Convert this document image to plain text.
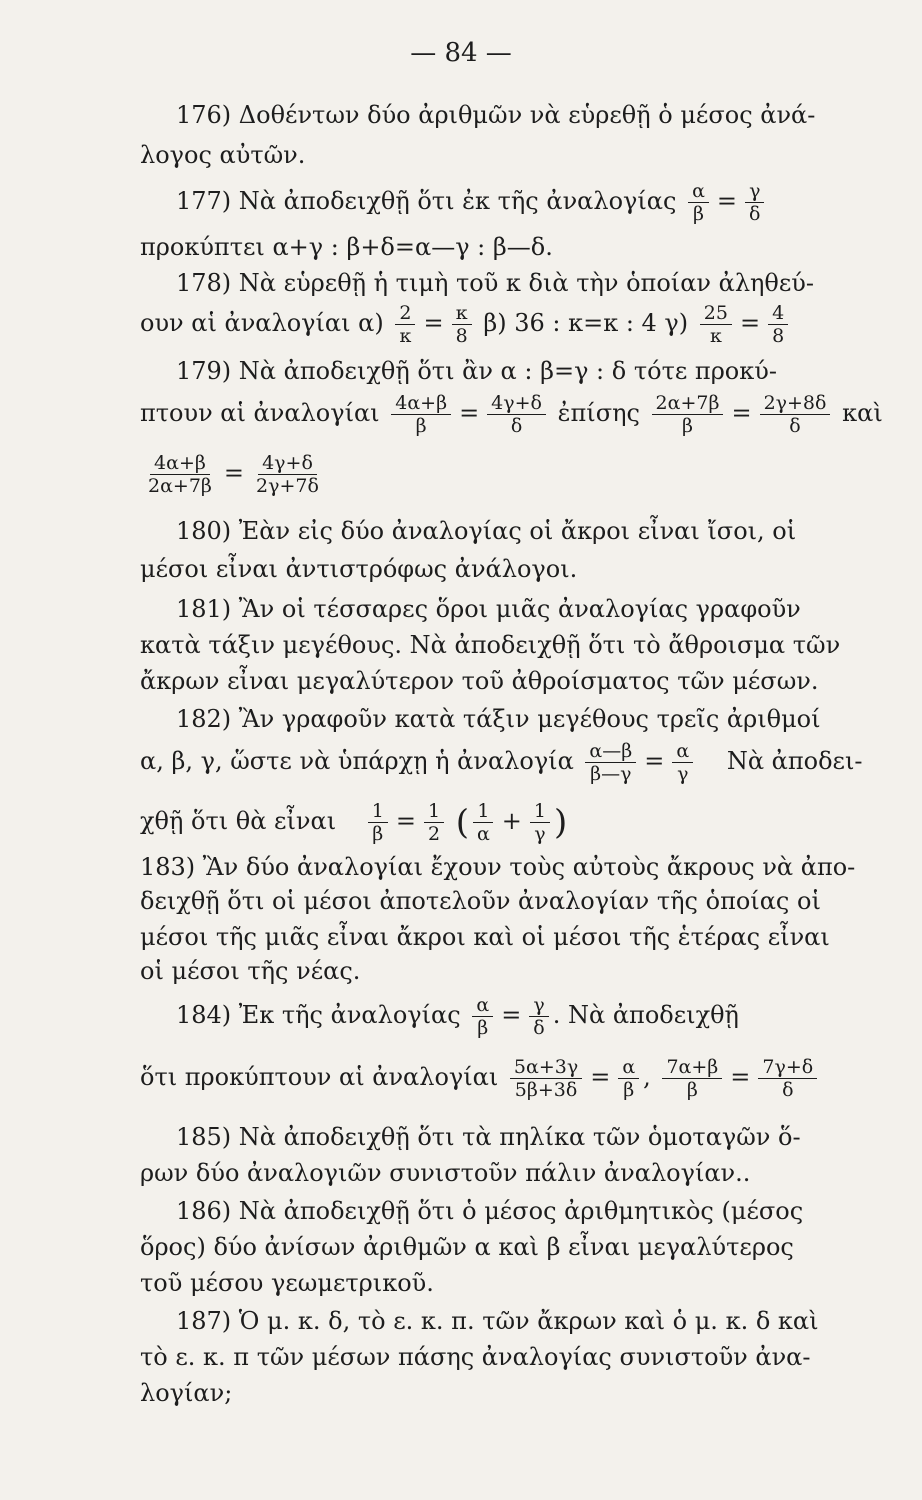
— 84 —
176) Δοθέντων δύο ἀριθμῶν νὰ εὑρεθῇ ὁ μέσος ἀνά-
λογος αὐτῶν.
177) Νὰ ἀποδειχθῇ ὅτι ἐκ τῆς ἀναλογίας $\frac{\alpha}{\beta} = \frac{\gamma}{\delta}$
προκύπτει α+γ : β+δ=α—γ : β—δ.
178) Νὰ εὑρεθῇ ἡ τιμὴ τοῦ κ διὰ τὴν ὁποίαν ἀληθεύ-
ουν αἱ ἀναλογίαι $\alpha) \frac{2}{\kappa} = \frac{\kappa}{8} \beta$) 36 : κ=κ : 4 $\gamma) \frac{25}{\kappa} = \frac{4}{8}$
179) Νὰ ἀποδειχθῇ ὅτι ἂν α : β=γ : δ τότε προκύ-
πτουν αἱ ἀναλογίαι $\frac{4\alpha+\beta}{\beta} = \frac{4\gamma+\delta}{\delta}$ ἐπίσης $\frac{2\alpha+7\beta}{\beta} = \frac{2\gamma+8\delta}{\delta}$ καὶ
$\frac{4\alpha+\beta}{2\alpha+7\beta} = \frac{4\gamma+\delta}{2\gamma+7\delta}$
180) Ἐὰν εἰς δύο ἀναλογίας οἱ ἄκροι εἶναι ἴσοι, οἱ
μέσοι εἶναι ἀντιστρόφως ἀνάλογοι.
181) Ἂν οἱ τέσσαρες ὅροι μιᾶς ἀναλογίας γραφοῦν
κατὰ τάξιν μεγέθους. Νὰ ἀποδειχθῇ ὅτι τὸ ἄθροισμα τῶν
ἄκρων εἶναι μεγαλύτερον τοῦ ἀθροίσματος τῶν μέσων.
182) Ἂν γραφοῦν κατὰ τάξιν μεγέθους τρεῖς ἀριθμοί
α, β, γ, ὥστε νὰ ὑπάρχῃ ἡ ἀναλογία $\frac{\alpha—\beta}{\beta—\gamma} = \frac{\alpha}{\gamma}$ Νὰ ἀποδει-
χθῇ ὅτι θὰ εἶναι $\frac{1}{\beta} = \frac{1}{2}$ ( $\frac{1}{\alpha} + \frac{1}{\gamma}$ )
183) Ἂν δύο ἀναλογίαι ἔχουν τοὺς αὐτοὺς ἄκρους νὰ ἀπο-
δειχθῇ ὅτι οἱ μέσοι ἀποτελοῦν ἀναλογίαν τῆς ὁποίας οἱ
μέσοι τῆς μιᾶς εἶναι ἄκροι καὶ οἱ μέσοι τῆς ἑτέρας εἶναι
οἱ μέσοι τῆς νέας.
184) Ἐκ τῆς ἀναλογίας $\frac{\alpha}{\beta} = \frac{\gamma}{\delta}$ . Νὰ ἀποδειχθῇ
ὅτι προκύπτουν αἱ ἀναλογίαι $\frac{5\alpha+3\gamma}{5\beta+3\delta} = \frac{\alpha}{\beta}$ , $\frac{7\alpha+\beta}{\beta} = \frac{7\gamma+\delta}{\delta}$
185) Νὰ ἀποδειχθῇ ὅτι τὰ πηλίκα τῶν ὁμοταγῶν ὅ-
ρων δύο ἀναλογιῶν συνιστοῦν πάλιν ἀναλογίαν..
186) Νὰ ἀποδειχθῇ ὅτι ὁ μέσος ἀριθμητικὸς (μέσος
ὅρος) δύο ἀνίσων ἀριθμῶν α καὶ β εἶναι μεγαλύτερος
τοῦ μέσου γεωμετρικοῦ.
187) Ὁ μ. κ. δ, τὸ ε. κ. π. τῶν ἄκρων καὶ ὁ μ. κ. δ καὶ
τὸ ε. κ. π τῶν μέσων πάσης ἀναλογίας συνιστοῦν ἀνα-
λογίαν;
